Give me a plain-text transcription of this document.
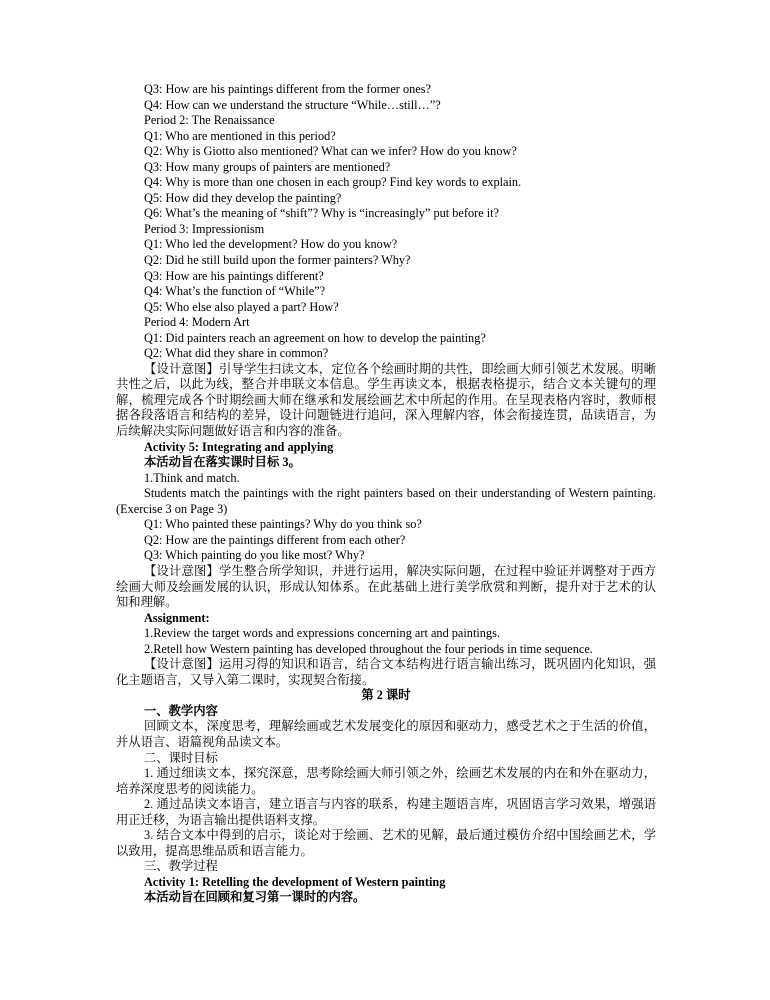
Q3: How are his paintings different from the former ones?
Q4: How can we understand the structure “While…still…”?
Period 2: The Renaissance
Q1: Who are mentioned in this period?
Q2: Why is Giotto also mentioned? What can we infer? How do you know?
Q3: How many groups of painters are mentioned?
Q4: Why is more than one chosen in each group? Find key words to explain.
Q5: How did they develop the painting?
Q6: What’s the meaning of “shift”? Why is “increasingly” put before it?
Period 3: Impressionism
Q1: Who led the development? How do you know?
Q2: Did he still build upon the former painters? Why?
Q3: How are his paintings different?
Q4: What’s the function of “While”?
Q5: Who else also played a part? How?
Period 4: Modern Art
Q1: Did painters reach an agreement on how to develop the painting?
Q2: What did they share in common?
【设计意图】引导学生扫读文本，定位各个绘画时期的共性，即绘画大师引领艺术发展。明晰共性之后，以此为线，整合并串联文本信息。学生再读文本，根据表格提示，结合文本关键句的理解，梳理完成各个时期绘画大师在继承和发展绘画艺术中所起的作用。在呈现表格内容时，教师根据各段落语言和结构的差异，设计问题链进行追问，深入理解内容，体会衔接连贯，品读语言，为后续解决实际问题做好语言和内容的准备。
Activity 5: Integrating and applying
本活动旨在落实课时目标 3。
1.Think and match.
Students match the paintings with the right painters based on their understanding of Western painting. (Exercise 3 on Page 3)
Q1: Who painted these paintings? Why do you think so?
Q2: How are the paintings different from each other?
Q3: Which painting do you like most? Why?
【设计意图】学生整合所学知识，并进行运用，解决实际问题，在过程中验证并调整对于西方绘画大师及绘画发展的认识，形成认知体系。在此基础上进行美学欣赏和判断，提升对于艺术的认知和理解。
Assignment:
1.Review the target words and expressions concerning art and paintings.
2.Retell how Western painting has developed throughout the four periods in time sequence.
【设计意图】运用习得的知识和语言，结合文本结构进行语言输出练习，既巩固内化知识，强化主题语言，又导入第二课时，实现契合衔接。
第 2 课时
一、教学内容
回顾文本，深度思考，理解绘画或艺术发展变化的原因和驱动力，感受艺术之于生活的价值，并从语言、语篇视角品读文本。
二、课时目标
1. 通过细读文本，探究深意，思考除绘画大师引领之外，绘画艺术发展的内在和外在驱动力，培养深度思考的阅读能力。
2. 通过品读文本语言，建立语言与内容的联系，构建主题语言库，巩固语言学习效果，增强语用正迁移，为语言输出提供语料支撑。
3. 结合文本中得到的启示，谈论对于绘画、艺术的见解，最后通过模仿介绍中国绘画艺术，学以致用，提高思维品质和语言能力。
三、教学过程
Activity 1: Retelling the development of Western painting
本活动旨在回顾和复习第一课时的内容。
